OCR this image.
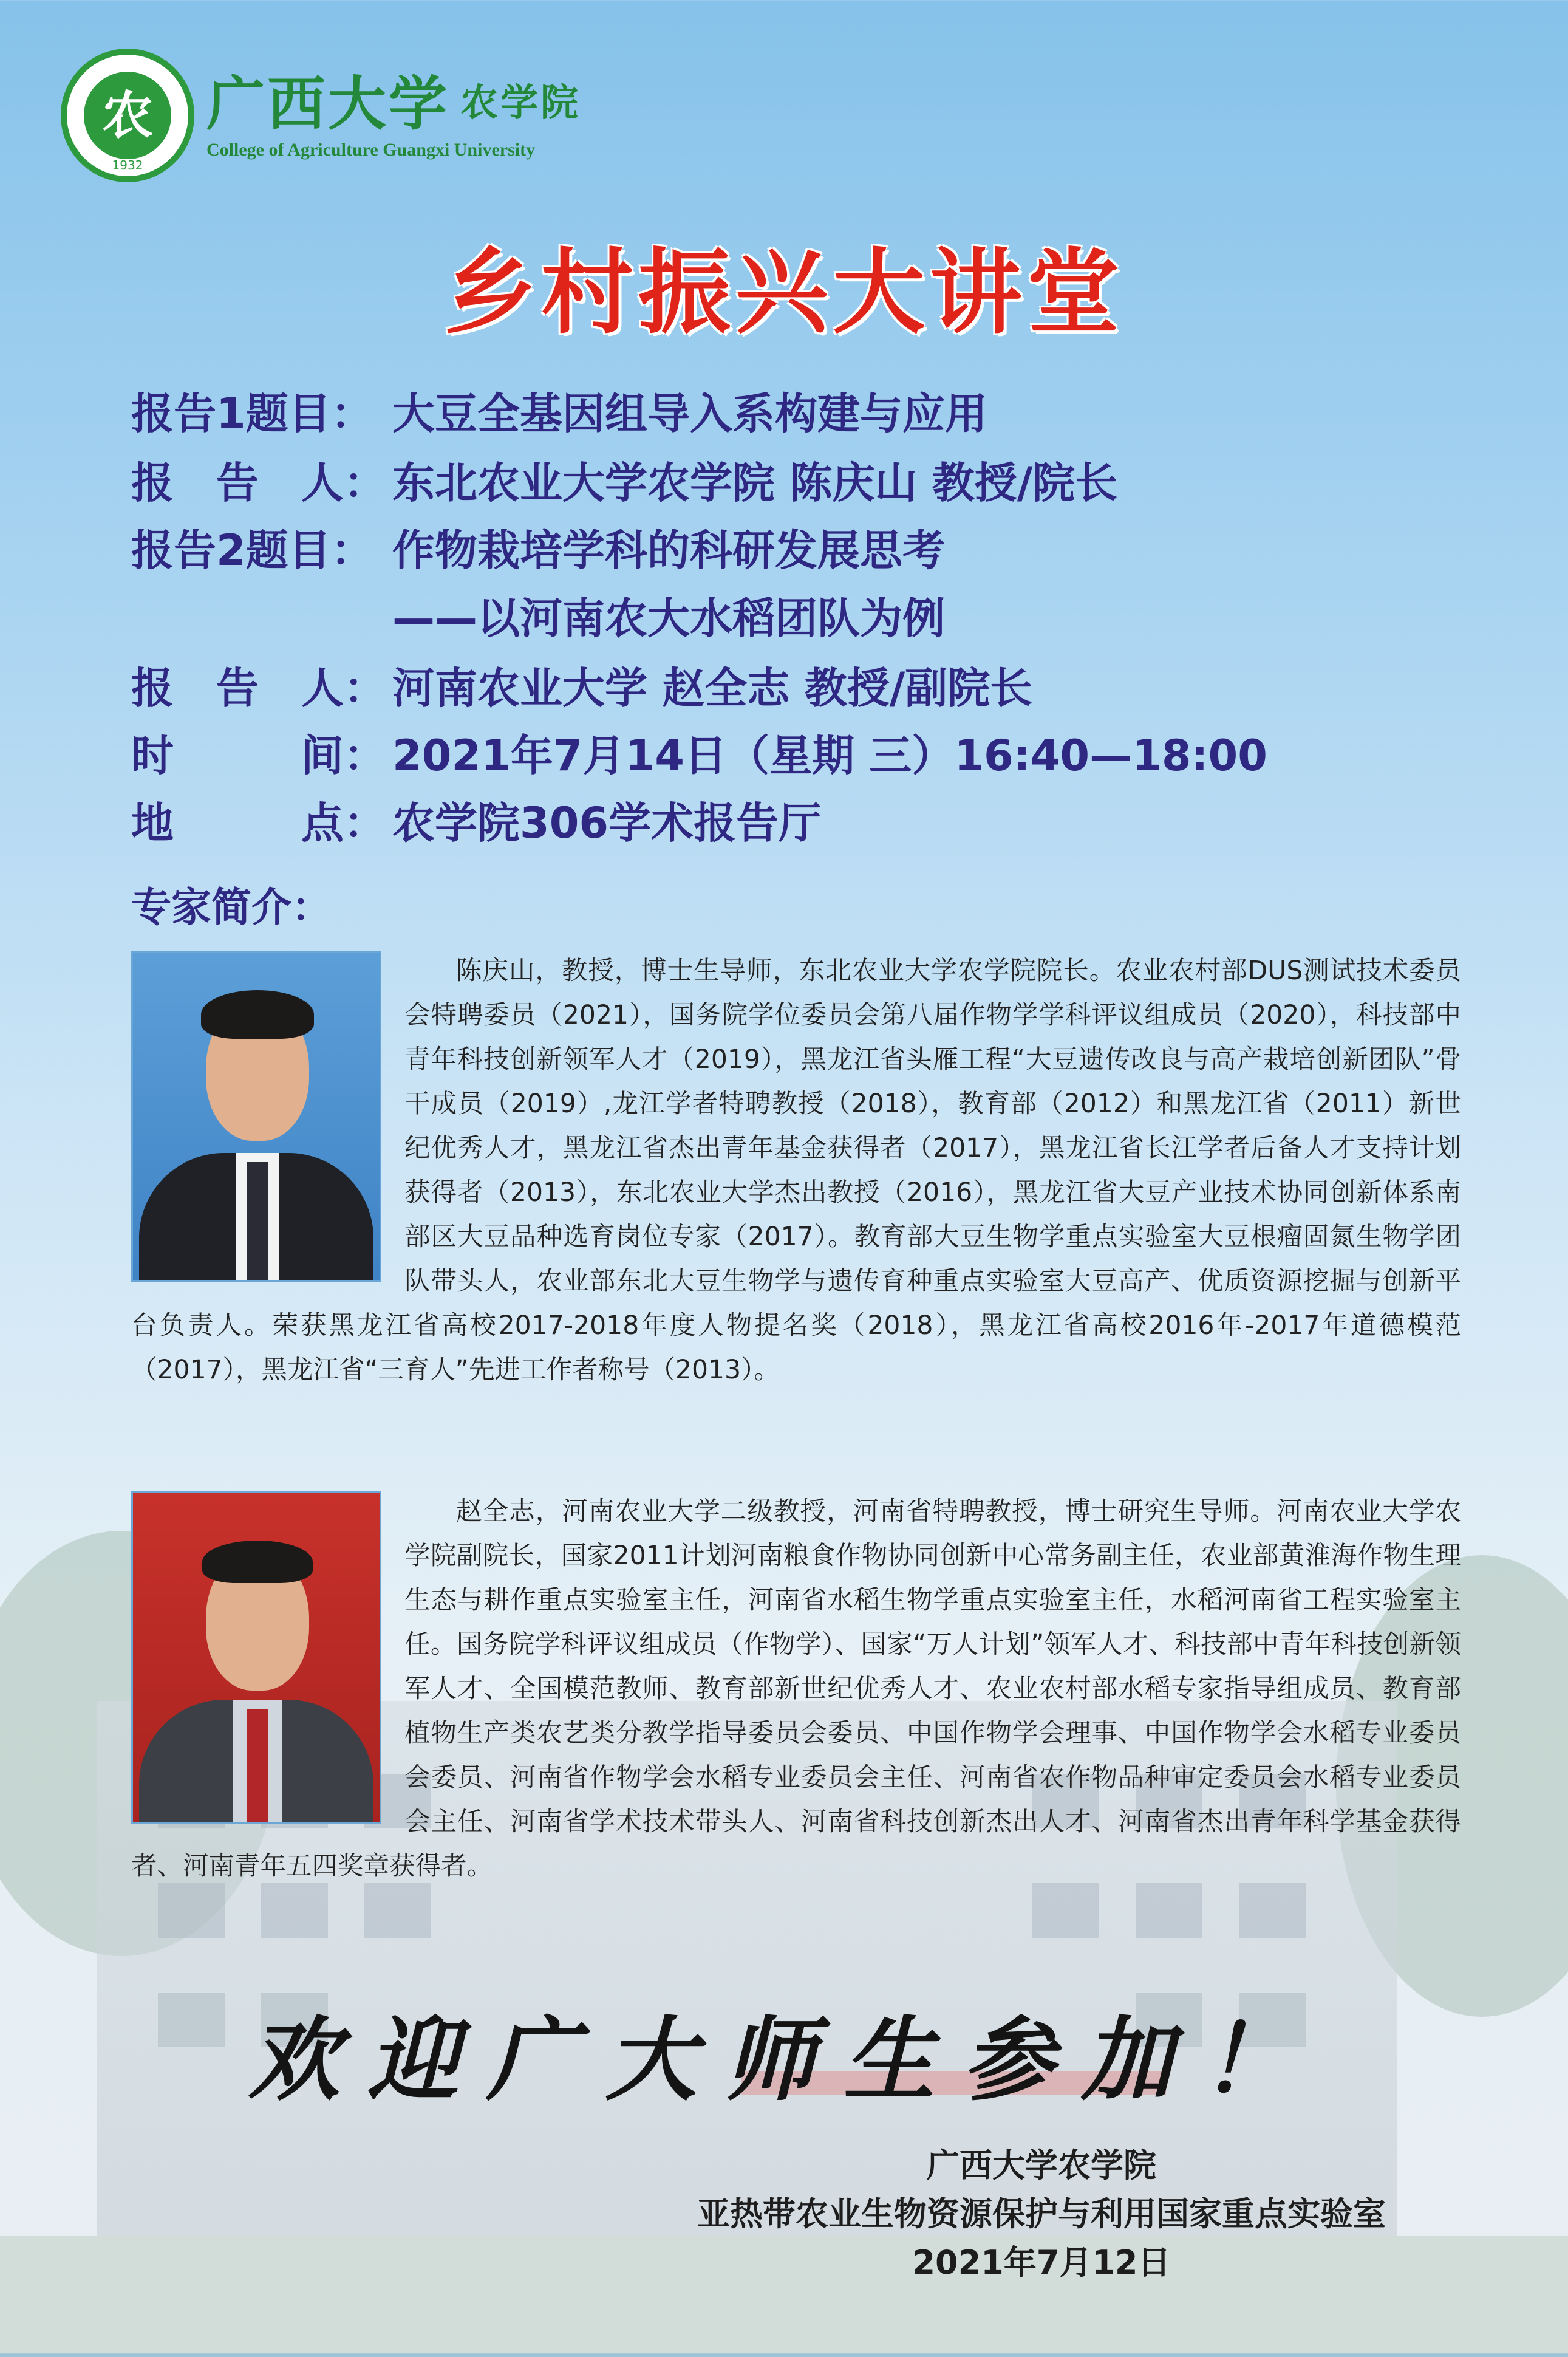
农
1932
广西大学 农学院
College of Agriculture Guangxi University
乡村振兴大讲堂
报告1题目： 大豆全基因组导入系构建与应用
报　告　人： 东北农业大学农学院 陈庆山 教授/院长
报告2题目： 作物栽培学科的科研发展思考
——以河南农大水稻团队为例
报　告　人： 河南农业大学 赵全志 教授/副院长
时　　　间： 2021年7月14日（星期 三）16:40—18:00
地　　　点： 农学院306学术报告厅
专家简介：
陈庆山，教授，博士生导师，东北农业大学农学院院长。农业农村部DUS测试技术委员会特聘委员（2021），国务院学位委员会第八届作物学学科评议组成员（2020），科技部中青年科技创新领军人才（2019），黑龙江省头雁工程“大豆遗传改良与高产栽培创新团队”骨干成员（2019）,龙江学者特聘教授（2018），教育部（2012）和黑龙江省（2011）新世纪优秀人才，黑龙江省杰出青年基金获得者（2017），黑龙江省长江学者后备人才支持计划获得者（2013），东北农业大学杰出教授（2016），黑龙江省大豆产业技术协同创新体系南部区大豆品种选育岗位专家（2017）。教育部大豆生物学重点实验室大豆根瘤固氮生物学团队带头人，农业部东北大豆生物学与遗传育种重点实验室大豆高产、优质资源挖掘与创新平台负责人。荣获黑龙江省高校2017-2018年度人物提名奖（2018），黑龙江省高校2016年-2017年道德模范（2017），黑龙江省“三育人”先进工作者称号（2013）。
赵全志，河南农业大学二级教授，河南省特聘教授，博士研究生导师。河南农业大学农学院副院长，国家2011计划河南粮食作物协同创新中心常务副主任，农业部黄淮海作物生理生态与耕作重点实验室主任，河南省水稻生物学重点实验室主任，水稻河南省工程实验室主任。国务院学科评议组成员（作物学）、国家“万人计划”领军人才、科技部中青年科技创新领军人才、全国模范教师、教育部新世纪优秀人才、农业农村部水稻专家指导组成员、教育部植物生产类农艺类分教学指导委员会委员、中国作物学会理事、中国作物学会水稻专业委员会委员、河南省作物学会水稻专业委员会主任、河南省农作物品种审定委员会水稻专业委员会主任、河南省学术技术带头人、河南省科技创新杰出人才、河南省杰出青年科学基金获得者、河南青年五四奖章获得者。
欢迎广大师生参加！
广西大学农学院
亚热带农业生物资源保护与利用国家重点实验室
2021年7月12日
